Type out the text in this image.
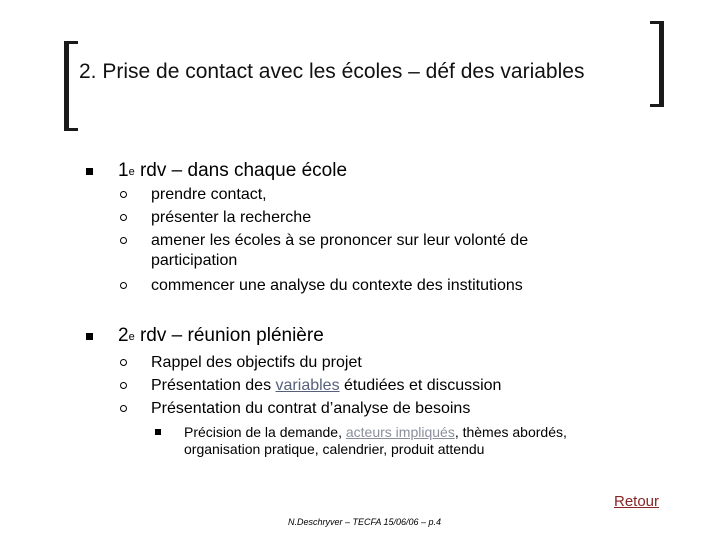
2. Prise de contact avec les écoles – déf des variables
1e rdv – dans chaque école
prendre contact,
présenter la recherche
amener les écoles à se prononcer sur leur volonté de participation
commencer une analyse du contexte des institutions
2e rdv – réunion plénière
Rappel des objectifs du projet
Présentation des variables étudiées et discussion
Présentation du contrat d’analyse de besoins
Précision de la demande, acteurs impliqués, thèmes abordés, organisation pratique, calendrier, produit attendu
Retour
N.Deschryver – TECFA 15/06/06 – p.4
